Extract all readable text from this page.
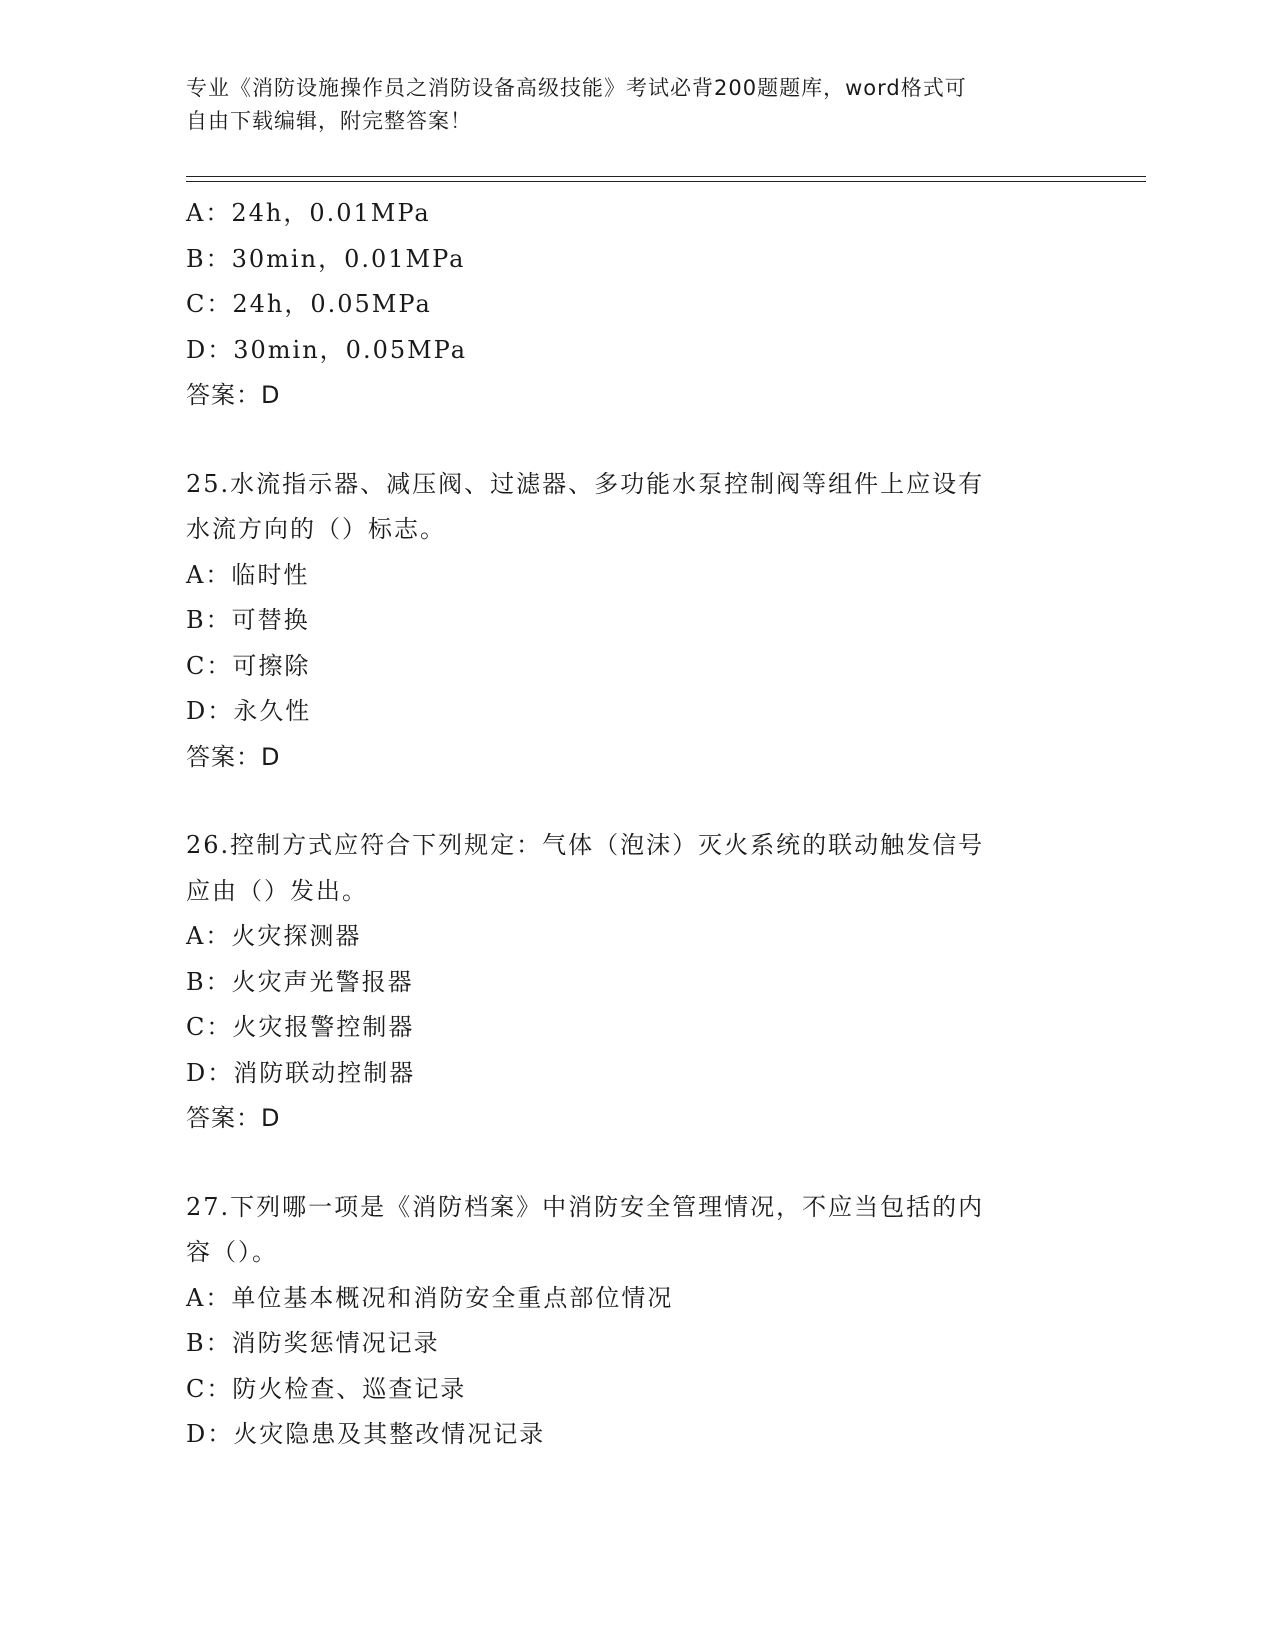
专业《消防设施操作员之消防设备高级技能》考试必背200题题库，word格式可
自由下载编辑，附完整答案！
A：24h，0.01MPa
B：30min，0.01MPa
C：24h，0.05MPa
D：30min，0.05MPa
答案：D
25.水流指示器、减压阀、过滤器、多功能水泵控制阀等组件上应设有
水流方向的（）标志。
A：临时性
B：可替换
C：可擦除
D：永久性
答案：D
26.控制方式应符合下列规定：气体（泡沫）灭火系统的联动触发信号
应由（）发出。
A：火灾探测器
B：火灾声光警报器
C：火灾报警控制器
D：消防联动控制器
答案：D
27.下列哪一项是《消防档案》中消防安全管理情况，不应当包括的内
容（）。
A：单位基本概况和消防安全重点部位情况
B：消防奖惩情况记录
C：防火检查、巡查记录
D：火灾隐患及其整改情况记录
